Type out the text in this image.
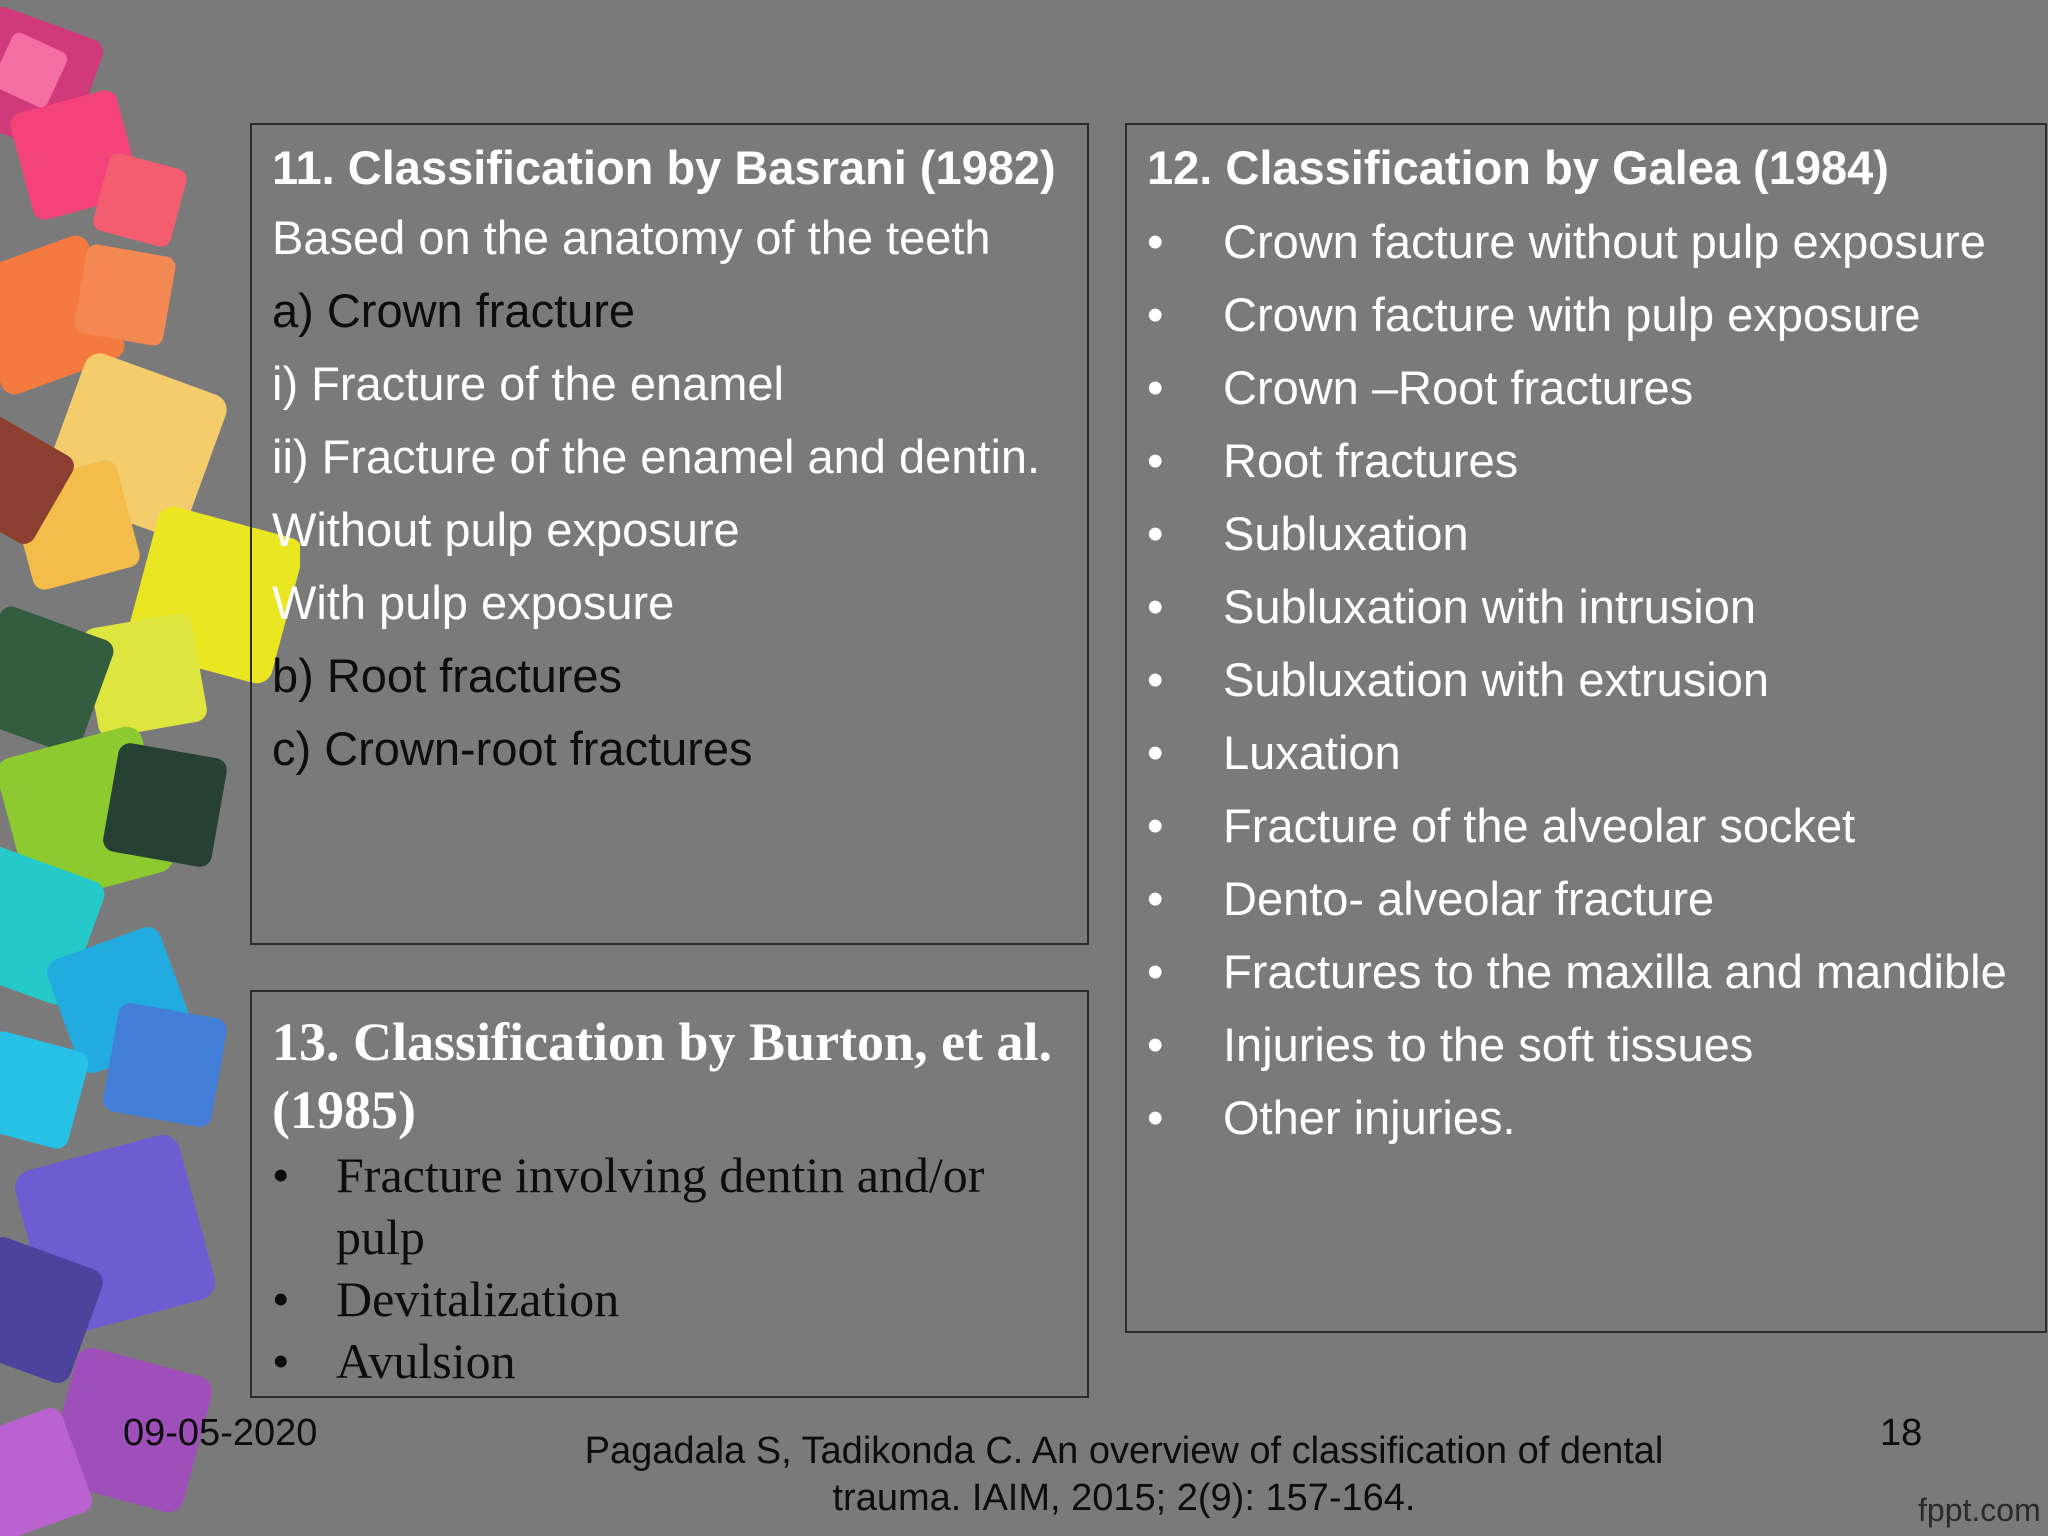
11. Classification by Basrani (1982)

Based on the anatomy of the teeth

a) Crown fracture

i) Fracture of the enamel

ii) Fracture of the enamel and dentin.

Without pulp exposure

With pulp exposure

b) Root fractures

c) Crown-root fractures

12. Classification by Galea (1984)

• Crown facture without pulp exposure
• Crown facture with pulp exposure
• Crown –Root fractures
• Root fractures
• Subluxation
• Subluxation with intrusion
• Subluxation with extrusion
• Luxation
• Fracture of the alveolar socket
• Dento- alveolar fracture
• Fractures to the maxilla and mandible
• Injuries to the soft tissues
• Other injuries.

13. Classification by Burton, et al. (1985)

• Fracture involving dentin and/or pulp
• Devitalization
• Avulsion
09-05-2020	Pagadala S, Tadikonda C. An overview of classification of dental trauma. IAIM, 2015; 2(9): 157-164.
18
fppt.com
